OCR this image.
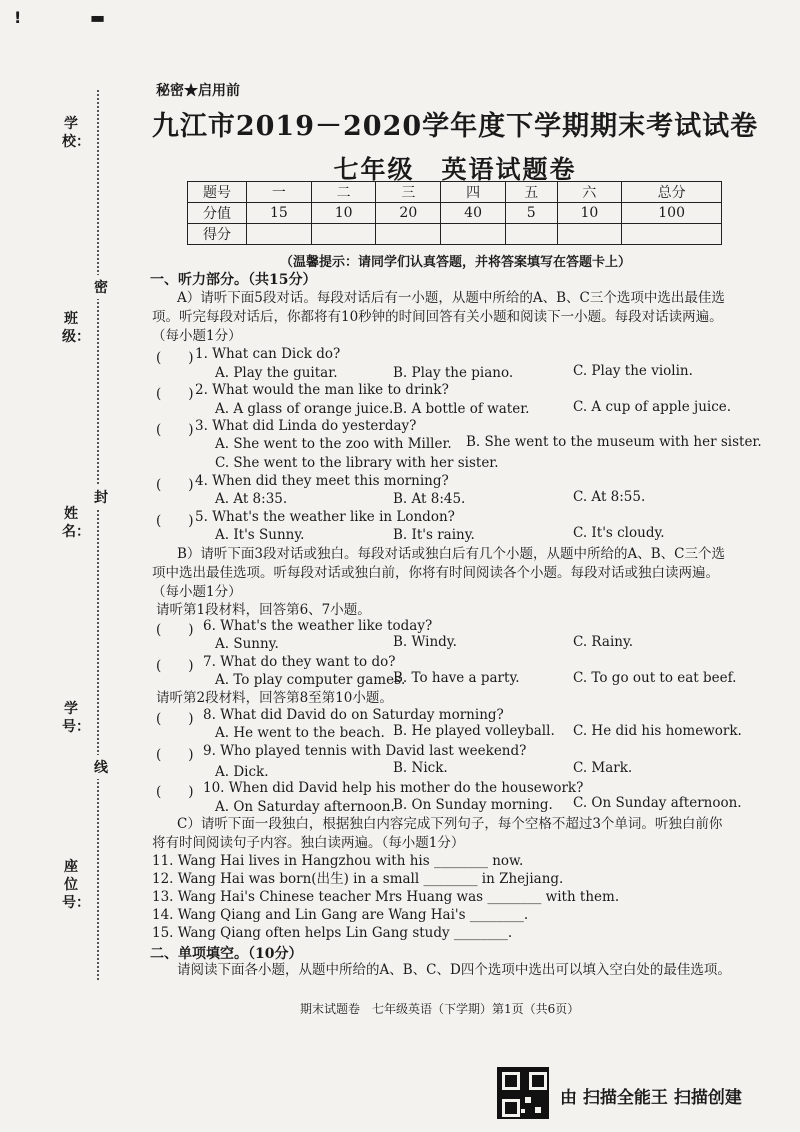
!	▬
学校：
班级：
姓名：
学号：
座位号：
密
封
线
秘密★启用前
九江市2019－2020学年度下学期期末考试试卷
七年级　英语试题卷
题号	一	二	三	四	五	六	总分
分值	15	10	20	40	5	10	100
得分							
（温馨提示：请同学们认真答题，并将答案填写在答题卡上）
一、听力部分。（共15分）
A）请听下面5段对话。每段对话后有一小题，从题中所给的A、B、C三个选项中选出最佳选
项。听完每段对话后，你都将有10秒钟的时间回答有关小题和阅读下一小题。每段对话读两遍。
（每小题1分）
(　　) 1. What can Dick do?
A. Play the guitar.	B. Play the piano.	C. Play the violin.
(　　) 2. What would the man like to drink?
A. A glass of orange juice. B. A bottle of water.	C. A cup of apple juice.
(　　) 3. What did Linda do yesterday?
A. She went to the zoo with Miller. B. She went to the museum with her sister.
C. She went to the library with her sister.
(　　) 4. When did they meet this morning?
A. At 8:35.	B. At 8:45.	C. At 8:55.
(　　) 5. What's the weather like in London?
A. It's Sunny.	B. It's rainy.	C. It's cloudy.
B）请听下面3段对话或独白。每段对话或独白后有几个小题，从题中所给的A、B、C三个选
项中选出最佳选项。听每段对话或独白前，你将有时间阅读各个小题。每段对话或独白读两遍。
（每小题1分）
请听第1段材料，回答第6、7小题。
(　　) 6. What's the weather like today?
A. Sunny.	B. Windy.	C. Rainy.
(　　) 7. What do they want to do?
A. To play computer games.
B. To have a party.	C. To go out to eat beef.
请听第2段材料，回答第8至第10小题。
(　　) 8. What did David do on Saturday morning?
A. He went to the beach. B. He played volleyball. C. He did his homework.
(　　) 9. Who played tennis with David last weekend?
A. Dick.	B. Nick.	C. Mark.
(　　) 10. When did David help his mother do the housework?
A. On Saturday afternoon.
B. On Sunday morning. C. On Sunday afternoon.
C）请听下面一段独白，根据独白内容完成下列句子，每个空格不超过3个单词。听独白前你
将有时间阅读句子内容。独白读两遍。（每小题1分）
11. Wang Hai lives in Hangzhou with his ________ now.
12. Wang Hai was born(出生) in a small ________ in Zhejiang.
13. Wang Hai's Chinese teacher Mrs Huang was ________ with them.
14. Wang Qiang and Lin Gang are Wang Hai's ________.
15. Wang Qiang often helps Lin Gang study ________.
二、单项填空。（10分）
请阅读下面各小题，从题中所给的A、B、C、D四个选项中选出可以填入空白处的最佳选项。
期末试题卷　七年级英语（下学期）第1页（共6页）
由 扫描全能王 扫描创建
